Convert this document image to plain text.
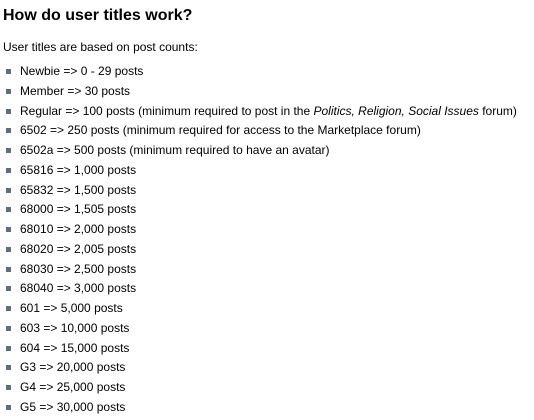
How do user titles work?

User titles are based on post counts:

Newbie => 0 - 29 posts
Member => 30 posts
Regular => 100 posts (minimum required to post in the Politics, Religion, Social Issues forum)
6502 => 250 posts (minimum required for access to the Marketplace forum)
6502a => 500 posts (minimum required to have an avatar)
65816 => 1,000 posts
65832 => 1,500 posts
68000 => 1,505 posts
68010 => 2,000 posts
68020 => 2,005 posts
68030 => 2,500 posts
68040 => 3,000 posts
601 => 5,000 posts
603 => 10,000 posts
604 => 15,000 posts
G3 => 20,000 posts
G4 => 25,000 posts
G5 => 30,000 posts
